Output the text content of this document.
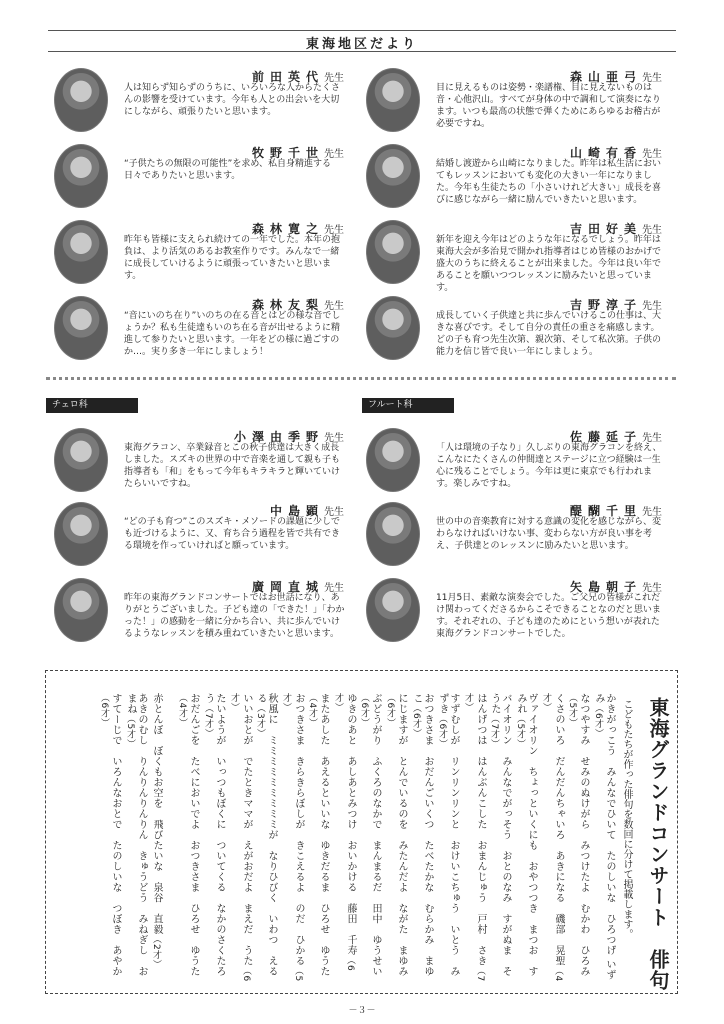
東海地区だより
前田英代先生
人は知らず知らずのうちに、いろいろな人からたくさんの影響を受けています。今年も人との出会いを大切にしながら、頑張りたいと思います。
牧野千世先生
“子供たちの無限の可能性”を求め、私自身精進する日々でありたいと思います。
森林寛之先生
昨年も皆様に支えられ続けての一年でした。本年の抱負は、より活気のあるお教室作りです。みんなで一緒に成長していけるように頑張っていきたいと思います。
森林友梨先生
“音にいのち在り”いのちの在る音とはどの様な音でしょうか？私も生徒達もいのち在る音が出せるように精進して参りたいと思います。一年をどの様に過ごすのか…。実り多き一年にしましょう！
森山亜弓先生
目に見えるものは姿勢・楽譜権、目に見えないものは音・心他沢山。すべてが身体の中で調和して演奏になります。いつも最高の状態で弾くためにあらゆるお稽古が必要ですね。
山崎有香先生
結婚し渡遊から山崎になりました。昨年は私生活においてもレッスンにおいても変化の大きい一年になりました。今年も生徒たちの「小さいけれど大きい」成長を喜びに感じながら一緒に励んでいきたいと思います。
吉田好美先生
新年を迎え今年はどのような年になるでしょう。昨年は東海大会が多治見で開かれ指導者はじめ皆様のおかげで盛大のうちに終えることが出来ました。今年は良い年であることを願いつつレッスンに励みたいと思っています。
吉野淳子先生
成長していく子供達と共に歩んでいけるこの仕事は、大きな喜びです。そして自分の責任の重さを痛感します。どの子も育つ先生次第、親次第、そして私次第。子供の能力を信じ皆で良い一年にしましょう。
チェロ科	フルート科
小澤由季野先生
東海グラコン、卒業録音とこの秋子供達は大きく成長しました。スズキの世界の中で音楽を通して親も子も指導者も「和」をもって今年もキラキラと輝いていけたらいいですね。
中島顕先生
“どの子も育つ”このスズキ・メソードの課題に少しでも近づけるように、又、育ち合う過程を皆で共有できる環境を作っていければと願っています。
廣岡直城先生
昨年の東海グランドコンサートではお世話になり、ありがとうございました。子ども達の「できた！」「わかった！」の感動を一緒に分かち合い、共に歩んでいけるようなレッスンを積み重ねていきたいと思います。
佐藤延子先生
「人は環境の子なり」久しぶりの東海グラコンを終え、こんなにたくさんの仲間達とステージに立つ経験は一生心に残ることでしょう。今年は更に東京でも行われます。楽しみですね。
醍醐千里先生
世の中の音楽教育に対する意識の変化を感じながら、変わらなければいけない事、変わらない方が良い事を考え、子供達とのレッスンに励みたいと思います。
矢島朝子先生
11月5日、素敵な演奏会でした。ご父兄の皆様がこれだけ関わってくださるからこそできることなのだと思います。それぞれの、子ども達のためにという想いが表れた東海グランドコンサートでした。
東海グランドコンサート　俳句
こどもたちが作った俳句を数回に分けて掲載します。
かきがっこう　みんなでひいて　たのしいな　ひろつげ いずみ（6才）
なつやすみ　せみのぬけがら　みつけたよ　むかわ　ひろみ（5才）
くさのいろ　だんだんちゃいろ　あきになる　磯部　晃聖（4才）
ヴァイオリン　ちょっといくにも　おやつつき　まつお　すみれ（5才）
バイオリン　みんなでがっそう　おとのなみ　すがぬま　そうた（7才）
はんげつは　はんぶんこした　おまんじゅう　戸村　さき（7才）
すずむしが　リンリンリンと　おけいこちゅう　いとう　みずき（6才）
おつきさま　おだんごいくつ　たべたかな　むらかみ　まゆこ（6才）
にじますが　とんでいるのを　みたんだよ　ながた　まゆみ（6才）
ぶどうがり　ふくろのなかで　まんまるだ　田中　ゆうせい（6才）
ゆきのあと　あしあとみつけ　おいかける　藤田　千寿（6才）
またあした　あえるといいな　ゆきだるま　ひろせ　ゆうた（4才）
おつきさま　きらきらぼしが　きこえるよ　のだ　ひかる（5才）
秋風に　ミミミミミミミミミが　なりひびく　いわつ　えるる（3才）
いいおとが　でたときママが　えがおだよ　まえだ　うた（6才）
たいようが　いっつもぼくに　ついてくる　なかのさくたろう（7才）
おだんごを　たべにおいでよ　おつきさま　ひろせ　ゆうた（4才）
赤とんぼ　ぼくもお空を　飛びたいな　泉谷　直毅（2才）
あきのむし　りんりんりんりん　きゅうどう　みねぎし　おまね（5才）
すてーじで　いろんなおとで　たのしいな　つぼき　あやか（6才）
－３－
